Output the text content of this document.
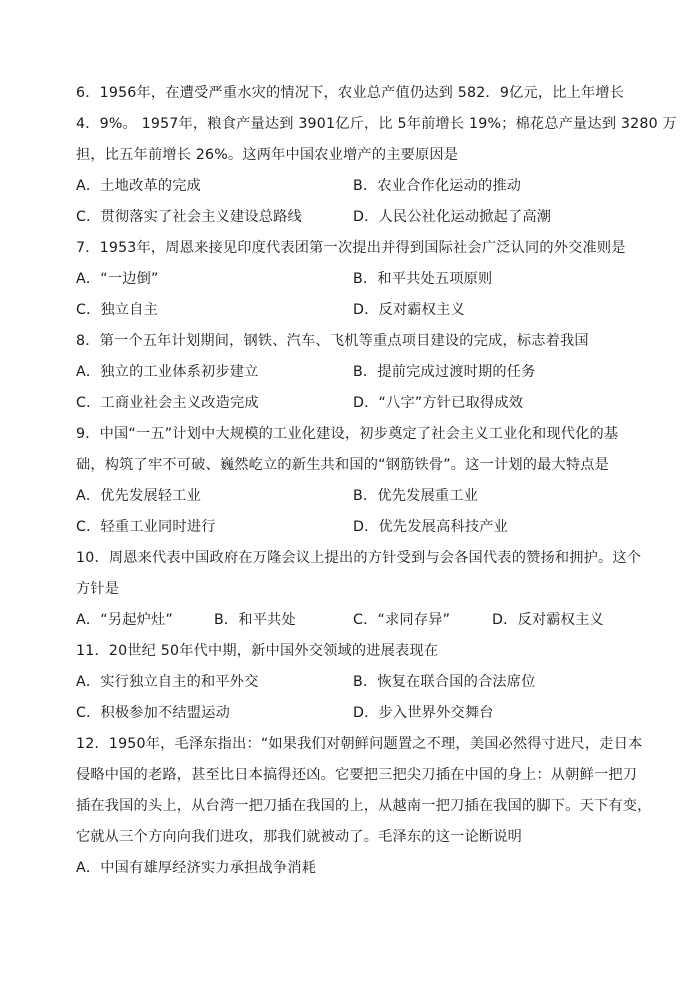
6．1956年，在遭受严重水灾的情况下，农业总产值仍达到 582．9亿元，比上年增长
4．9%。 1957年，粮食产量达到 3901亿斤，比 5年前增长 19%；棉花总产量达到 3280 万
担，比五年前增长 26%。这两年中国农业增产的主要原因是
A．土地改革的完成	B．农业合作化运动的推动
C．贯彻落实了社会主义建设总路线	D．人民公社化运动掀起了高潮
7．1953年，周恩来接见印度代表团第一次提出并得到国际社会广泛认同的外交准则是
A．“一边倒”	B．和平共处五项原则
C．独立自主	D．反对霸权主义
8．第一个五年计划期间，钢铁、汽车、飞机等重点项目建设的完成，标志着我国
A．独立的工业体系初步建立	B．提前完成过渡时期的任务
C．工商业社会主义改造完成	D．“八字”方针已取得成效
9．中国“一五”计划中大规模的工业化建设，初步奠定了社会主义工业化和现代化的基
础，构筑了牢不可破、巍然屹立的新生共和国的“钢筋铁骨”。这一计划的最大特点是
A．优先发展轻工业	B．优先发展重工业
C．轻重工业同时进行	D．优先发展高科技产业
10．周恩来代表中国政府在万隆会议上提出的方针受到与会各国代表的赞扬和拥护。这个
方针是
A．“另起炉灶”	B．和平共处	C．“求同存异”	D．反对霸权主义
11．20世纪 50年代中期，新中国外交领域的进展表现在
A．实行独立自主的和平外交	B．恢复在联合国的合法席位
C．积极参加不结盟运动	D．步入世界外交舞台
12．1950年，毛泽东指出：“如果我们对朝鲜问题置之不理，美国必然得寸进尺，走日本
侵略中国的老路，甚至比日本搞得还凶。它要把三把尖刀插在中国的身上：从朝鲜一把刀
插在我国的头上，从台湾一把刀插在我国的上，从越南一把刀插在我国的脚下。天下有变，
它就从三个方向向我们进攻，那我们就被动了。毛泽东的这一论断说明
A．中国有雄厚经济实力承担战争消耗
